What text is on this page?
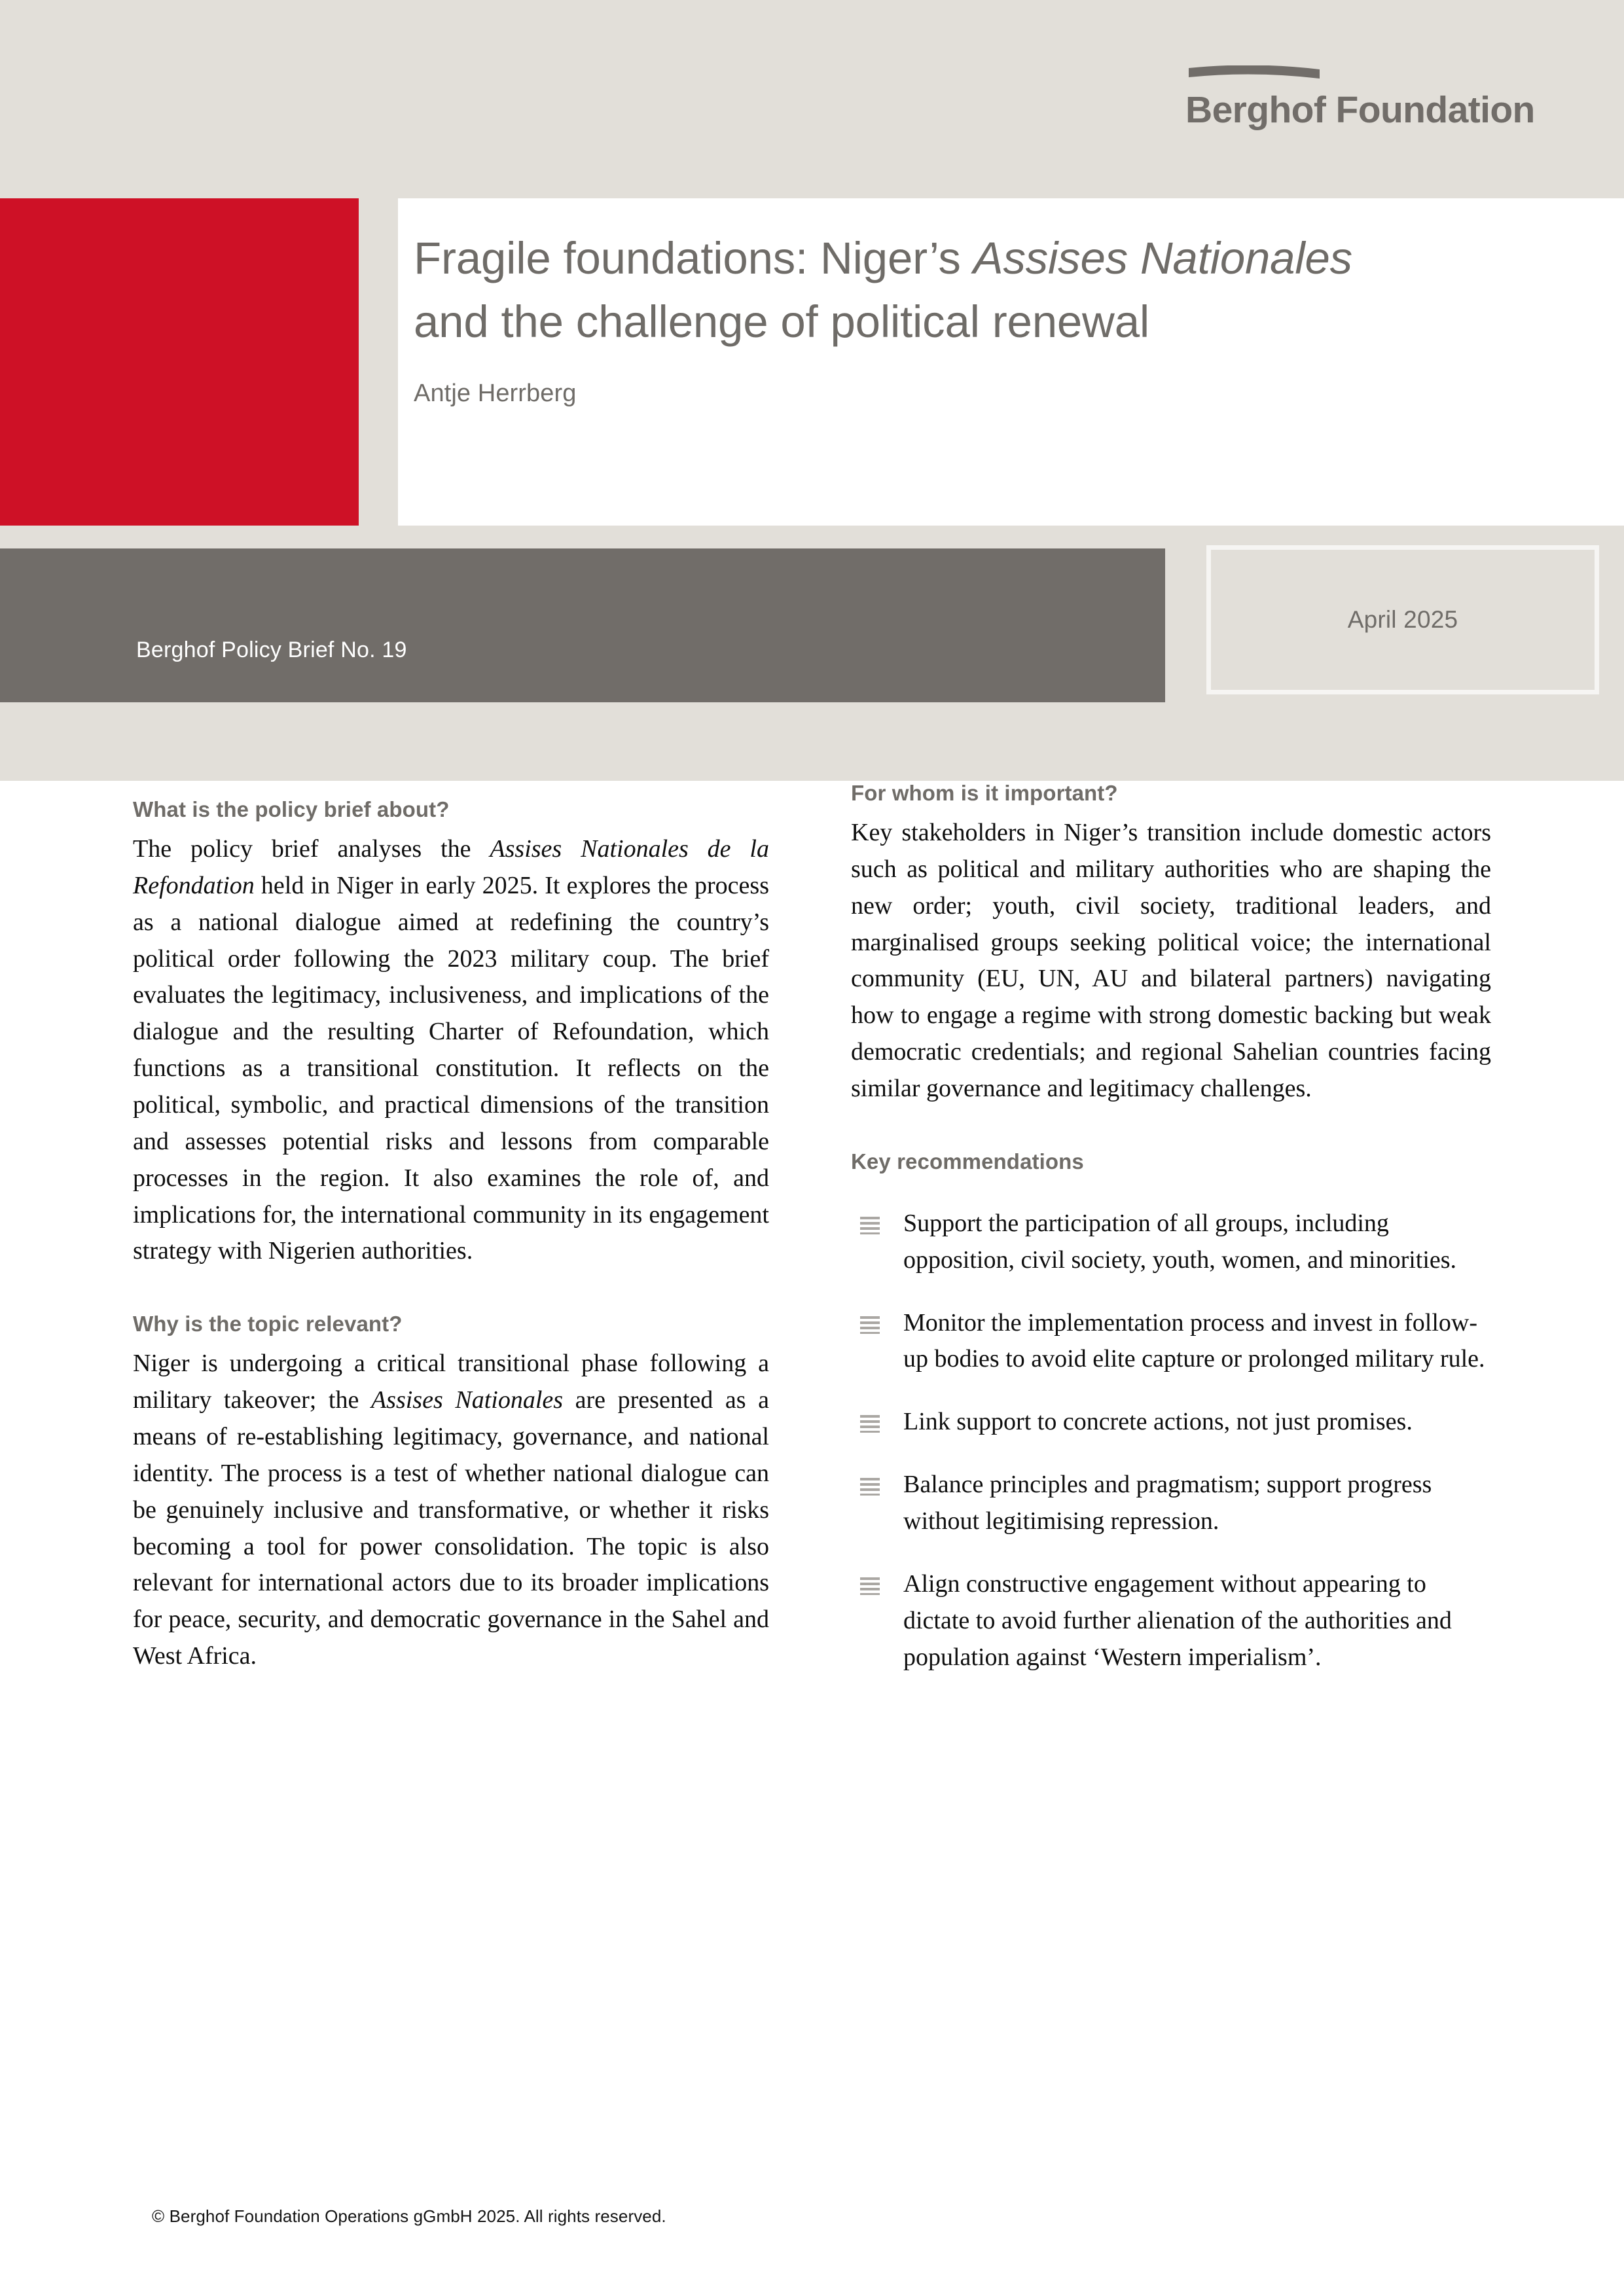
Berghof Foundation
Fragile foundations: Niger’s Assises Nationales
and the challenge of political renewal
Antje Herrberg
Berghof Policy Brief No. 19
April 2025
What is the policy brief about?

The policy brief analyses the Assises Nationales de la Refondation held in Niger in early 2025. It explores the process as a national dialogue aimed at redefining the country’s political order following the 2023 military coup. The brief evaluates the legitimacy, inclusiveness, and implications of the dialogue and the resulting Charter of Refoundation, which functions as a transitional constitution. It reflects on the political, symbolic, and practical dimensions of the transition and assesses potential risks and lessons from comparable processes in the region. It also examines the role of, and implications for, the international community in its engagement strategy with Nigerien authorities.

Why is the topic relevant?

Niger is undergoing a critical transitional phase following a military takeover; the Assises Nationales are presented as a means of re-establishing legitimacy, governance, and national identity. The process is a test of whether national dialogue can be genuinely inclusive and transformative, or whether it risks becoming a tool for power consolidation. The topic is also relevant for international actors due to its broader implications for peace, security, and democratic governance in the Sahel and West Africa.

For whom is it important?

Key stakeholders in Niger’s transition include domestic actors such as political and military authorities who are shaping the new order; youth, civil society, traditional leaders, and marginalised groups seeking political voice; the international community (EU, UN, AU and bilateral partners) navigating how to engage a regime with strong domestic backing but weak democratic credentials; and regional Sahelian countries facing similar governance and legitimacy challenges.

Key recommendations
Support the participation of all groups, including opposition, civil society, youth, women, and minorities.
Monitor the implementation process and invest in follow-up bodies to avoid elite capture or prolonged military rule.
Link support to concrete actions, not just promises.
Balance principles and pragmatism; support progress without legitimising repression.
Align constructive engagement without appearing to dictate to avoid further alienation of the authorities and population against ‘Western imperialism’.
© Berghof Foundation Operations gGmbH 2025. All rights reserved.
